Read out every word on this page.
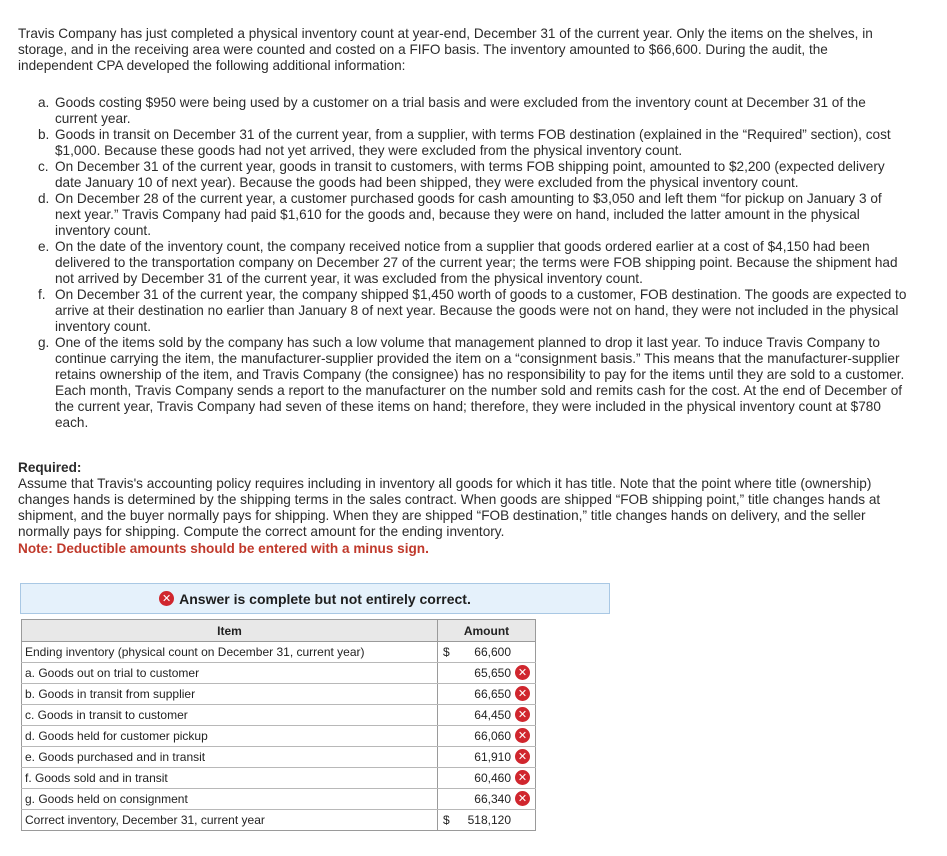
Travis Company has just completed a physical inventory count at year-end, December 31 of the current year. Only the items on the shelves, in storage, and in the receiving area were counted and costed on a FIFO basis. The inventory amounted to $66,600. During the audit, the independent CPA developed the following additional information:

a. Goods costing $950 were being used by a customer on a trial basis and were excluded from the inventory count at December 31 of the current year.
b. Goods in transit on December 31 of the current year, from a supplier, with terms FOB destination (explained in the “Required” section), cost $1,000. Because these goods had not yet arrived, they were excluded from the physical inventory count.
c. On December 31 of the current year, goods in transit to customers, with terms FOB shipping point, amounted to $2,200 (expected delivery date January 10 of next year). Because the goods had been shipped, they were excluded from the physical inventory count.
d. On December 28 of the current year, a customer purchased goods for cash amounting to $3,050 and left them “for pickup on January 3 of next year.” Travis Company had paid $1,610 for the goods and, because they were on hand, included the latter amount in the physical inventory count.
e. On the date of the inventory count, the company received notice from a supplier that goods ordered earlier at a cost of $4,150 had been delivered to the transportation company on December 27 of the current year; the terms were FOB shipping point. Because the shipment had not arrived by December 31 of the current year, it was excluded from the physical inventory count.
f. On December 31 of the current year, the company shipped $1,450 worth of goods to a customer, FOB destination. The goods are expected to arrive at their destination no earlier than January 8 of next year. Because the goods were not on hand, they were not included in the physical inventory count.
g. One of the items sold by the company has such a low volume that management planned to drop it last year. To induce Travis Company to continue carrying the item, the manufacturer-supplier provided the item on a “consignment basis.” This means that the manufacturer-supplier retains ownership of the item, and Travis Company (the consignee) has no responsibility to pay for the items until they are sold to a customer. Each month, Travis Company sends a report to the manufacturer on the number sold and remits cash for the cost. At the end of December of the current year, Travis Company had seven of these items on hand; therefore, they were included in the physical inventory count at $780 each.

Required:

Assume that Travis's accounting policy requires including in inventory all goods for which it has title. Note that the point where title (ownership) changes hands is determined by the shipping terms in the sales contract. When goods are shipped “FOB shipping point,” title changes hands at shipment, and the buyer normally pays for shipping. When they are shipped “FOB destination,” title changes hands on delivery, and the seller normally pays for shipping. Compute the correct amount for the ending inventory.

Note: Deductible amounts should be entered with a minus sign.

✕ Answer is complete but not entirely correct.
Item	Amount
Ending inventory (physical count on December 31, current year)	$ 66,600

a. Goods out on trial to customer	65,650 ✕

b. Goods in transit from supplier	66,650 ✕

c. Goods in transit to customer	64,450 ✕

d. Goods held for customer pickup	66,060 ✕

e. Goods purchased and in transit	61,910 ✕

f. Goods sold and in transit	60,460 ✕

g. Goods held on consignment	66,340 ✕

Correct inventory, December 31, current year	$ 518,120
